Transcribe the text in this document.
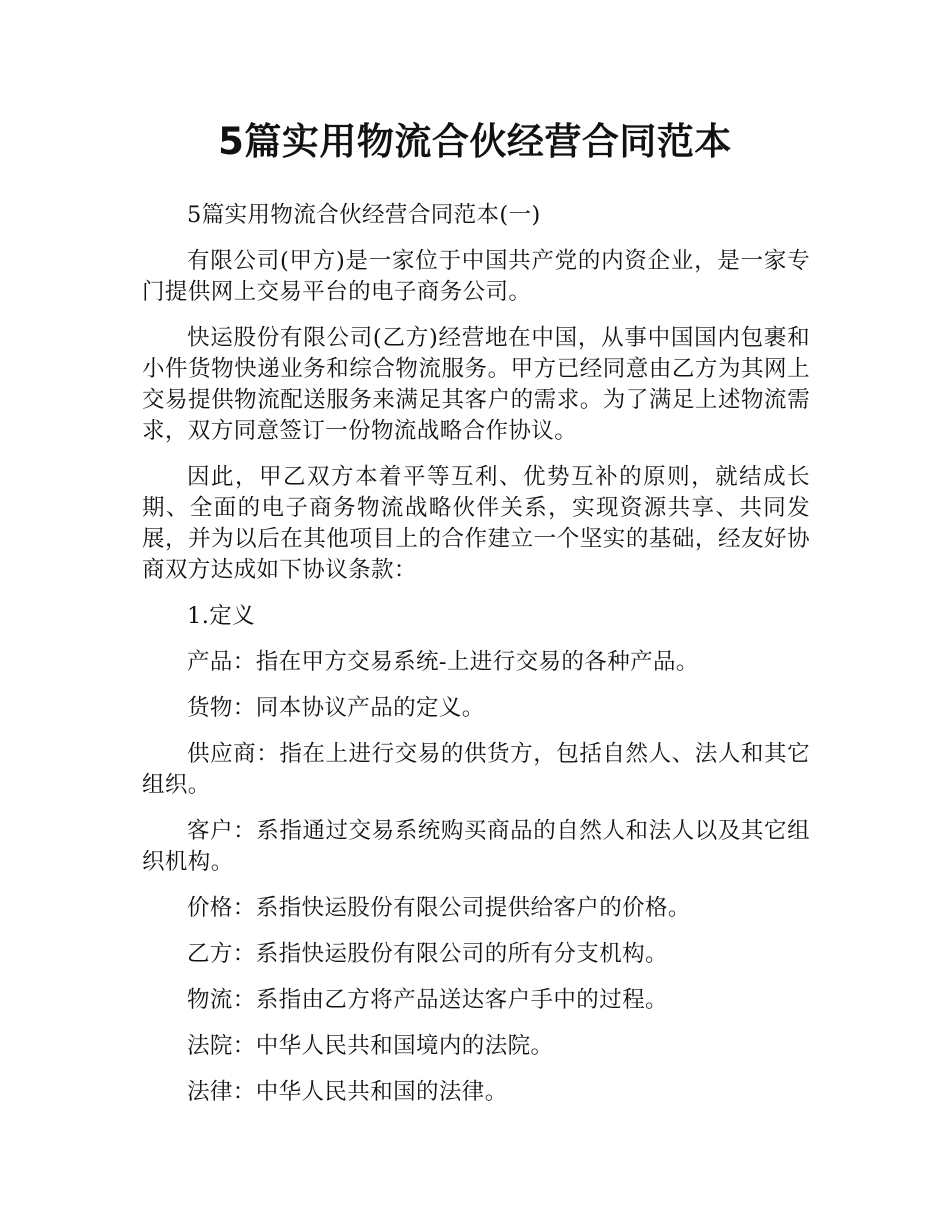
5篇实用物流合伙经营合同范本

5篇实用物流合伙经营合同范本(一)

有限公司(甲方)是一家位于中国共产党的内资企业，是一家专门提供网上交易平台的电子商务公司。

快运股份有限公司(乙方)经营地在中国，从事中国国内包裹和小件货物快递业务和综合物流服务。甲方已经同意由乙方为其网上交易提供物流配送服务来满足其客户的需求。为了满足上述物流需求，双方同意签订一份物流战略合作协议。

因此，甲乙双方本着平等互利、优势互补的原则，就结成长期、全面的电子商务物流战略伙伴关系，实现资源共享、共同发展，并为以后在其他项目上的合作建立一个坚实的基础，经友好协商双方达成如下协议条款：

1.定义

产品：指在甲方交易系统-上进行交易的各种产品。

货物：同本协议产品的定义。

供应商：指在上进行交易的供货方，包括自然人、法人和其它组织。

客户：系指通过交易系统购买商品的自然人和法人以及其它组织机构。

价格：系指快运股份有限公司提供给客户的价格。

乙方：系指快运股份有限公司的所有分支机构。

物流：系指由乙方将产品送达客户手中的过程。

法院：中华人民共和国境内的法院。

法律：中华人民共和国的法律。
